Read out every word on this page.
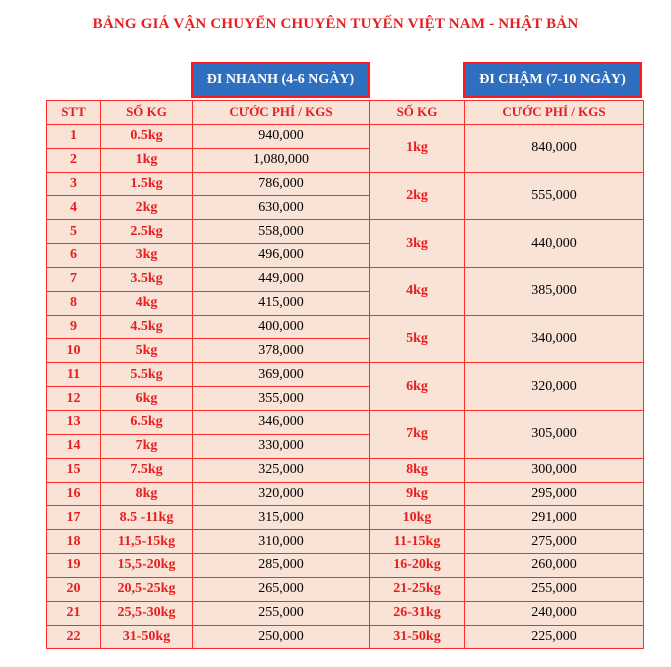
BẢNG GIÁ VẬN CHUYỂN CHUYÊN TUYẾN VIỆT NAM - NHẬT BẢN
ĐI NHANH (4-6 NGÀY)	ĐI CHẬM (7-10 NGÀY)
STT	SỐ KG	CƯỚC PHÍ / KGS	SỐ KG	CƯỚC PHÍ / KGS
1	0.5kg	940,000	1kg	840,000
2	1kg	1,080,000		
3	1.5kg	786,000	2kg	555,000
4	2kg	630,000		
5	2.5kg	558,000	3kg	440,000
6	3kg	496,000		
7	3.5kg	449,000	4kg	385,000
8	4kg	415,000		
9	4.5kg	400,000	5kg	340,000
10	5kg	378,000		
11	5.5kg	369,000	6kg	320,000
12	6kg	355,000		
13	6.5kg	346,000	7kg	305,000
14	7kg	330,000		
15	7.5kg	325,000	8kg	300,000
16	8kg	320,000	9kg	295,000
17	8.5 -11kg	315,000	10kg	291,000
18	11,5-15kg	310,000	11-15kg	275,000
19	15,5-20kg	285,000	16-20kg	260,000
20	20,5-25kg	265,000	21-25kg	255,000
21	25,5-30kg	255,000	26-31kg	240,000
22	31-50kg	250,000	31-50kg	225,000
